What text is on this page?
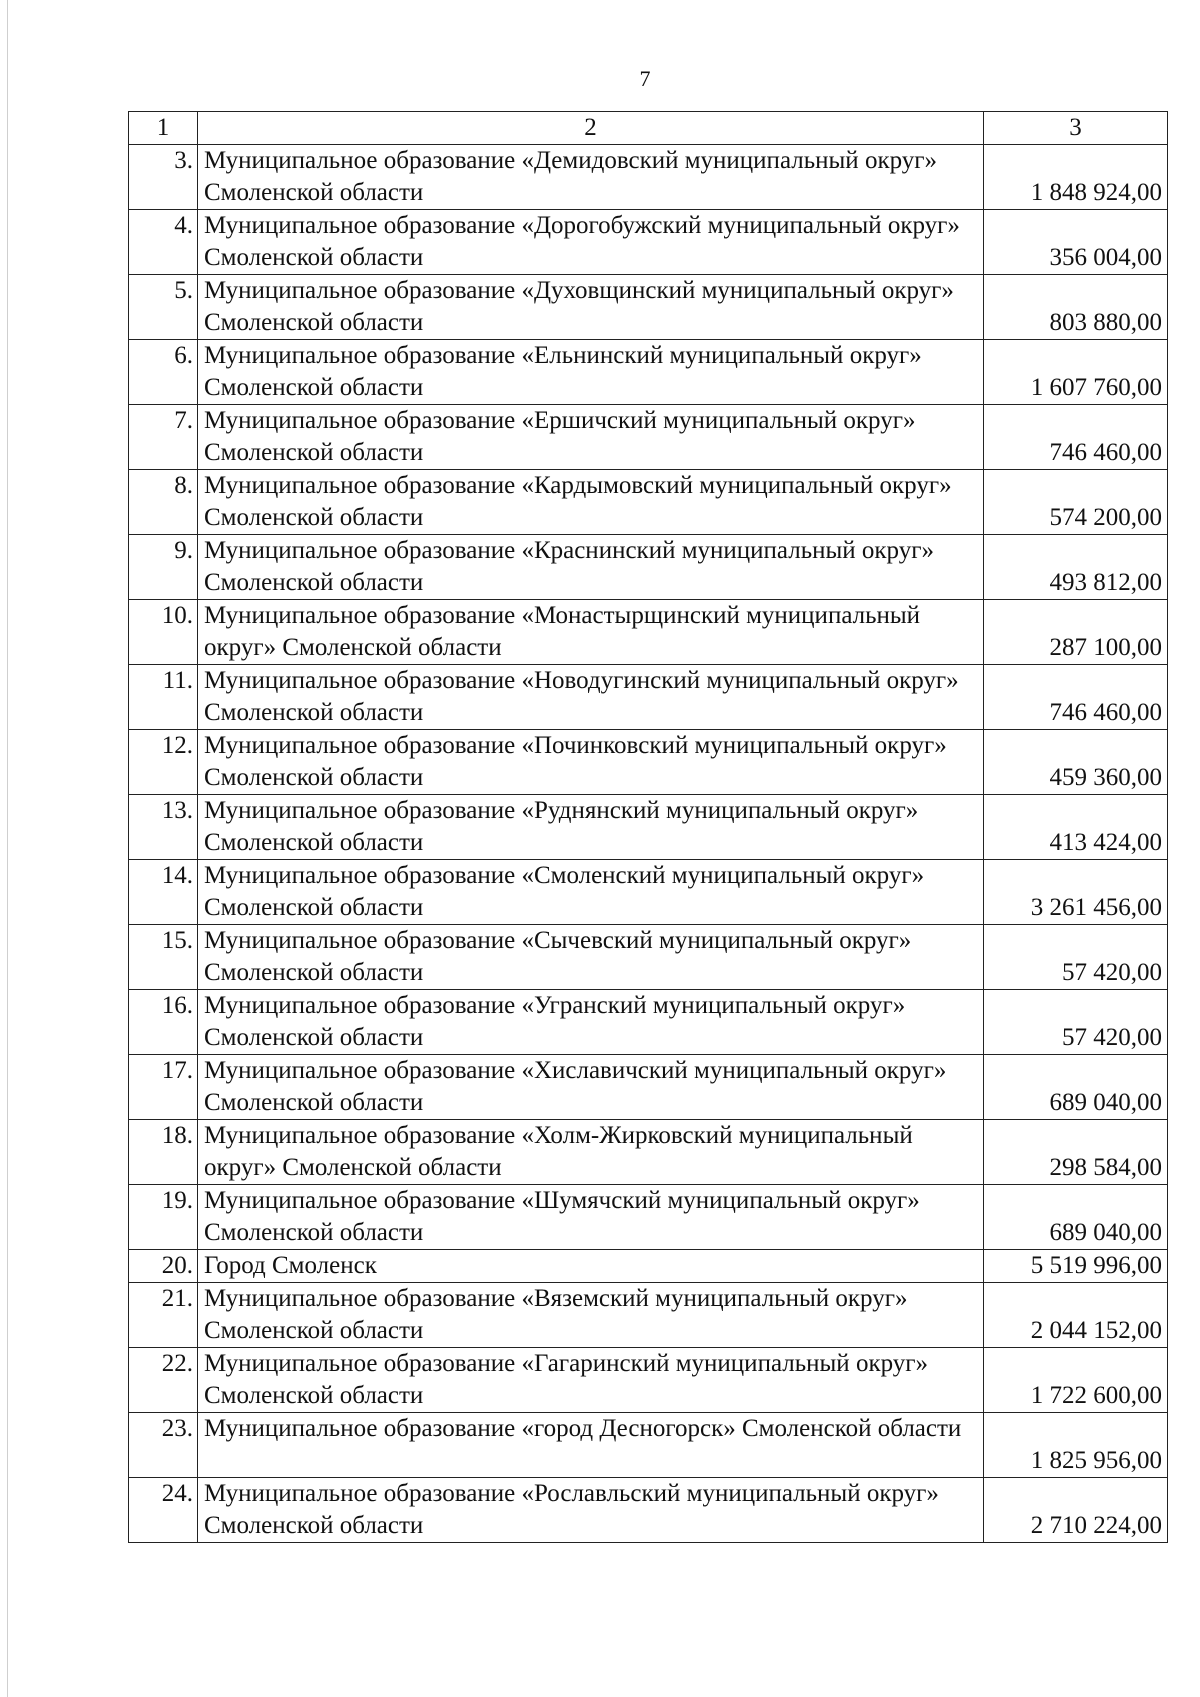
7
1	2	3
3.	Муниципальное образование «Демидовский муниципальный округ» Смоленской области	1 848 924,00
4.	Муниципальное образование «Дорогобужский муниципальный округ» Смоленской области	356 004,00
5.	Муниципальное образование «Духовщинский муниципальный округ» Смоленской области	803 880,00
6.	Муниципальное образование «Ельнинский муниципальный округ» Смоленской области	1 607 760,00
7.	Муниципальное образование «Ершичский муниципальный округ» Смоленской области	746 460,00
8.	Муниципальное образование «Кардымовский муниципальный округ» Смоленской области	574 200,00
9.	Муниципальное образование «Краснинский муниципальный округ» Смоленской области	493 812,00
10.	Муниципальное образование «Монастырщинский муниципальный округ» Смоленской области	287 100,00
11.	Муниципальное образование «Новодугинский муниципальный округ» Смоленской области	746 460,00
12.	Муниципальное образование «Починковский муниципальный округ» Смоленской области	459 360,00
13.	Муниципальное образование «Руднянский муниципальный округ» Смоленской области	413 424,00
14.	Муниципальное образование «Смоленский муниципальный округ» Смоленской области	3 261 456,00
15.	Муниципальное образование «Сычевский муниципальный округ» Смоленской области	57 420,00
16.	Муниципальное образование «Угранский муниципальный округ» Смоленской области	57 420,00
17.	Муниципальное образование «Хиславичский муниципальный округ» Смоленской области	689 040,00
18.	Муниципальное образование «Холм-Жирковский муниципальный округ» Смоленской области	298 584,00
19.	Муниципальное образование «Шумячский муниципальный округ» Смоленской области	689 040,00
20.	Город Смоленск	5 519 996,00
21.	Муниципальное образование «Вяземский муниципальный округ» Смоленской области	2 044 152,00
22.	Муниципальное образование «Гагаринский муниципальный округ» Смоленской области	1 722 600,00
23.	Муниципальное образование «город Десногорск» Смоленской области	1 825 956,00
24.	Муниципальное образование «Рославльский муниципальный округ» Смоленской области	2 710 224,00
